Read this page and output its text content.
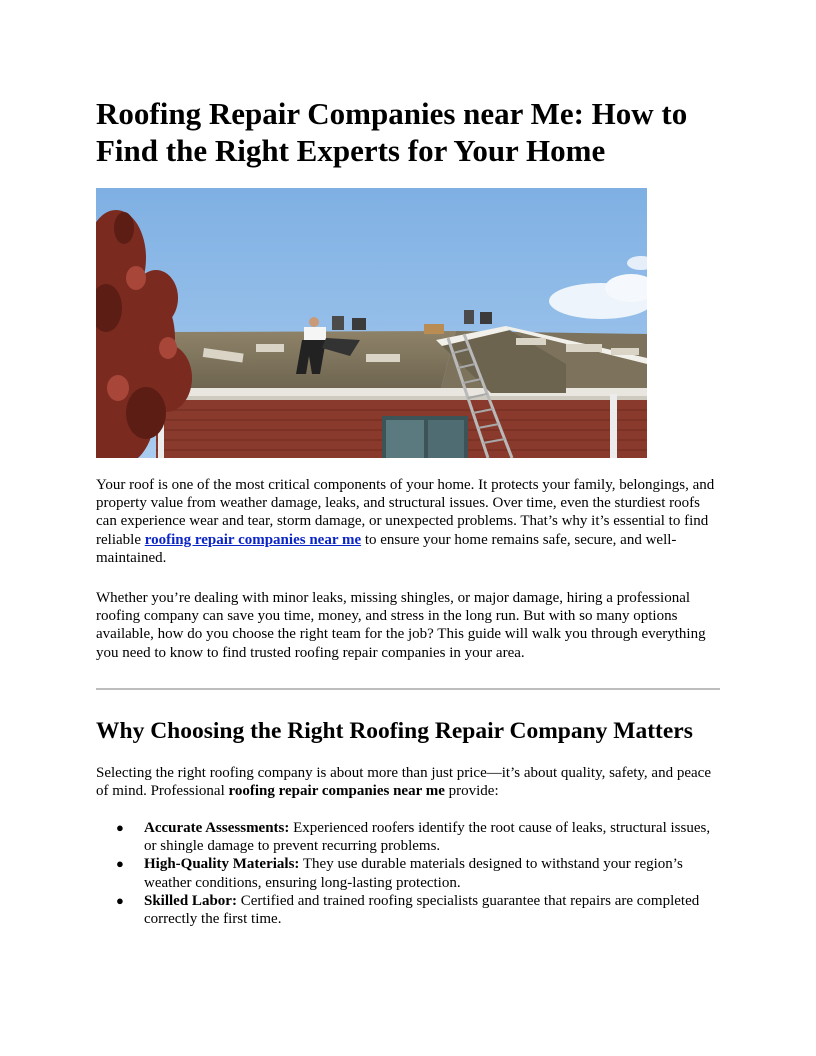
Roofing Repair Companies near Me: How to Find the Right Experts for Your Home

Your roof is one of the most critical components of your home. It protects your family, belongings, and property value from weather damage, leaks, and structural issues. Over time, even the sturdiest roofs can experience wear and tear, storm damage, or unexpected problems. That’s why it’s essential to find reliable roofing repair companies near me to ensure your home remains safe, secure, and well-maintained.

Whether you’re dealing with minor leaks, missing shingles, or major damage, hiring a professional roofing company can save you time, money, and stress in the long run. But with so many options available, how do you choose the right team for the job? This guide will walk you through everything you need to know to find trusted roofing repair companies in your area.

Why Choosing the Right Roofing Repair Company Matters

Selecting the right roofing company is about more than just price—it’s about quality, safety, and peace of mind. Professional roofing repair companies near me provide:

● Accurate Assessments: Experienced roofers identify the root cause of leaks, structural issues, or shingle damage to prevent recurring problems.
● High-Quality Materials: They use durable materials designed to withstand your region’s weather conditions, ensuring long-lasting protection.
● Skilled Labor: Certified and trained roofing specialists guarantee that repairs are completed correctly the first time.
